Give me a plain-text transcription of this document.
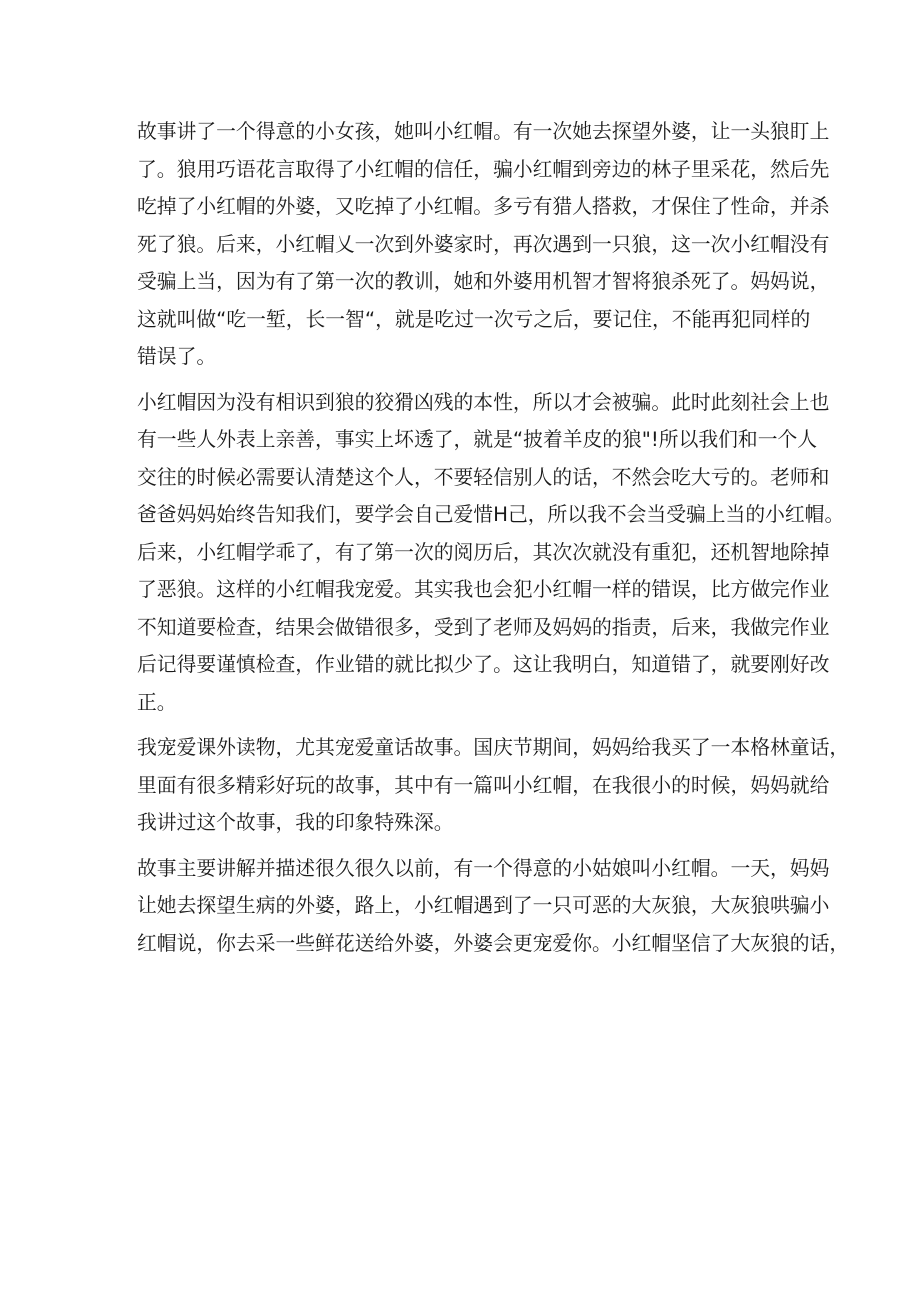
故事讲了一个得意的小女孩，她叫小红帽。有一次她去探望外婆，让一头狼盯上
了。狼用巧语花言取得了小红帽的信任，骗小红帽到旁边的林子里采花，然后先
吃掉了小红帽的外婆，又吃掉了小红帽。多亏有猎人搭救，才保住了性命，并杀
死了狼。后来，小红帽乂一次到外婆家时，再次遇到一只狼，这一次小红帽没有
受骗上当，因为有了第一次的教训，她和外婆用机智才智将狼杀死了。妈妈说，
这就叫做“吃一堑，长一智“，就是吃过一次亏之后，要记住，不能再犯同样的
错误了。

小红帽因为没有相识到狼的狡猾凶残的本性，所以才会被骗。此时此刻社会上也
有一些人外表上亲善，事实上坏透了，就是“披着羊皮的狼"!所以我们和一个人
交往的时候必需要认清楚这个人，不要轻信别人的话，不然会吃大亏的。老师和
爸爸妈妈始终告知我们，要学会自己爱惜H己，所以我不会当受骗上当的小红帽。
后来，小红帽学乖了，有了第一次的阅历后，其次次就没有重犯，还机智地除掉
了恶狼。这样的小红帽我宠爱。其实我也会犯小红帽一样的错误，比方做完作业
不知道要检查，结果会做错很多，受到了老师及妈妈的指责，后来，我做完作业
后记得要谨慎检查，作业错的就比拟少了。这让我明白，知道错了，就要刚好改
正。

我宠爱课外读物，尤其宠爱童话故事。国庆节期间，妈妈给我买了一本格林童话，
里面有很多精彩好玩的故事，其中有一篇叫小红帽，在我很小的时候，妈妈就给
我讲过这个故事，我的印象特殊深。

故事主要讲解并描述很久很久以前，有一个得意的小姑娘叫小红帽。一天，妈妈
让她去探望生病的外婆，路上，小红帽遇到了一只可恶的大灰狼，大灰狼哄骗小
红帽说，你去采一些鲜花送给外婆，外婆会更宠爱你。小红帽坚信了大灰狼的话，
